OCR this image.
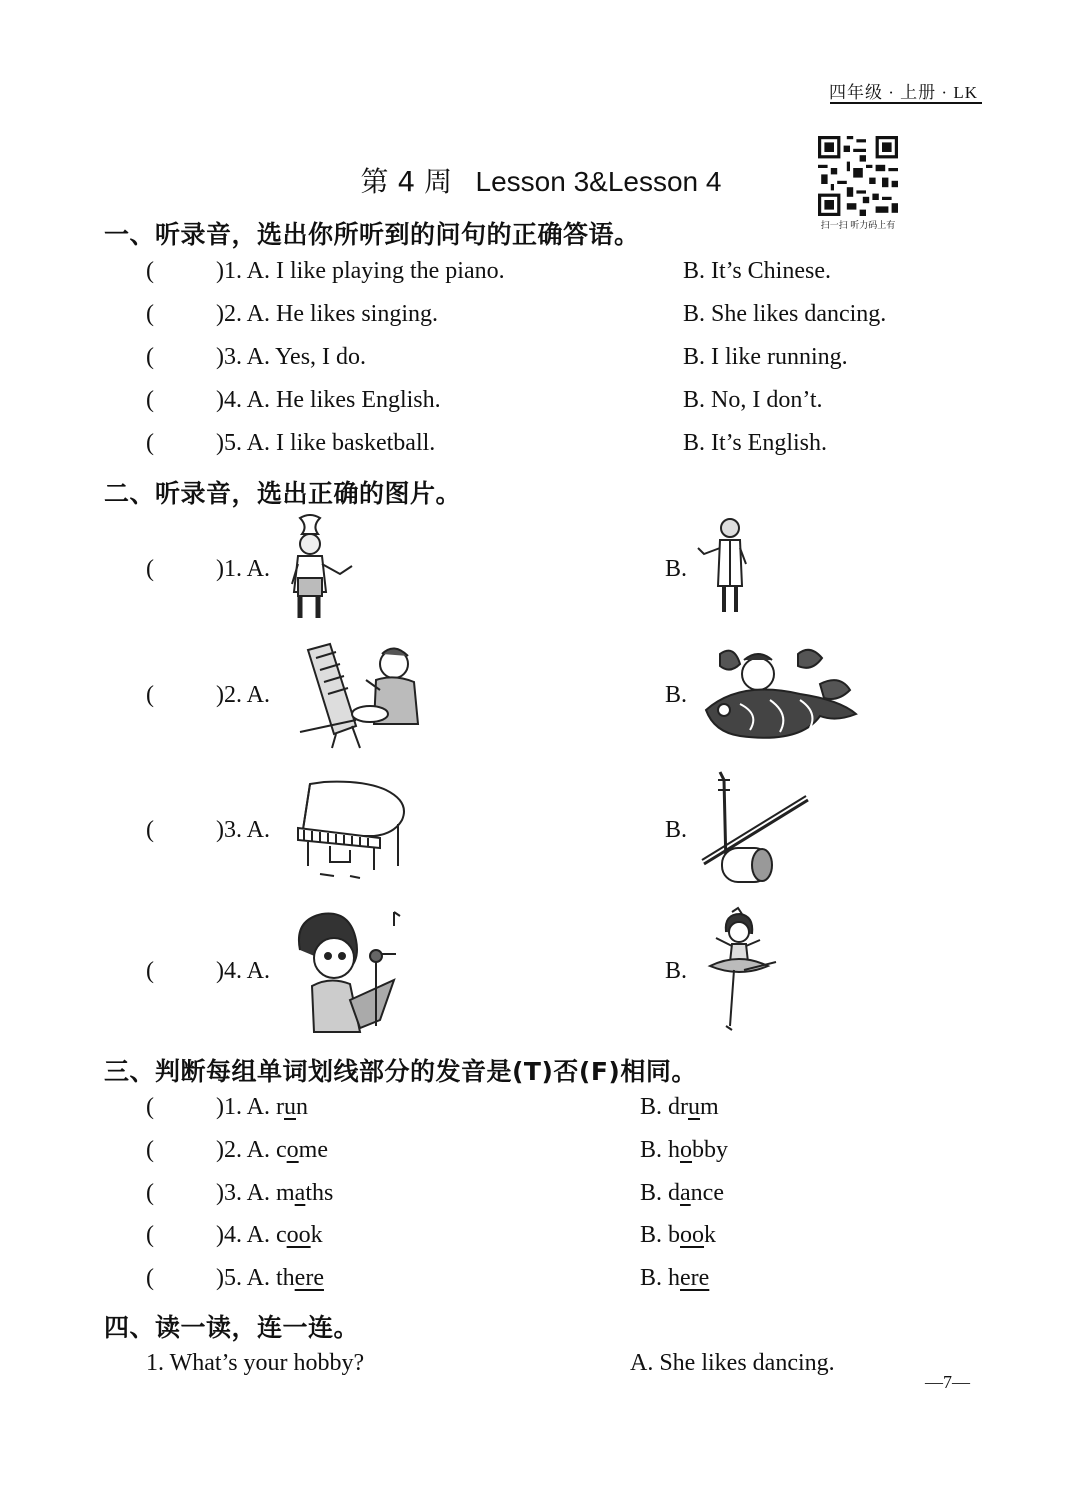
四年级 · 上册 · LK
第 4 周 Lesson 3&Lesson 4
扫一扫 听力码上有
一、听录音，选出你所听到的问句的正确答语。
(	)1. A. I like playing the piano.	B. It’s Chinese.
(	)2. A. He likes singing.	B. She likes dancing.
(	)3. A. Yes, I do.	B. I like running.
(	)4. A. He likes English.	B. No, I don’t.
(	)5. A. I like basketball.	B. It’s English.
二、听录音，选出正确的图片。
(	)1. A.	B.
(	)2. A.	B.
(	)3. A.	B.
(	)4. A.	B.
三、判断每组单词划线部分的发音是(T)否(F)相同。
(	)1. A. run	B. drum
(	)2. A. come	B. hobby
(	)3. A. maths	B. dance
(	)4. A. cook	B. book
(	)5. A. there	B. here
四、读一读，连一连。
1. What’s your hobby?	A. She likes dancing.
—7—
